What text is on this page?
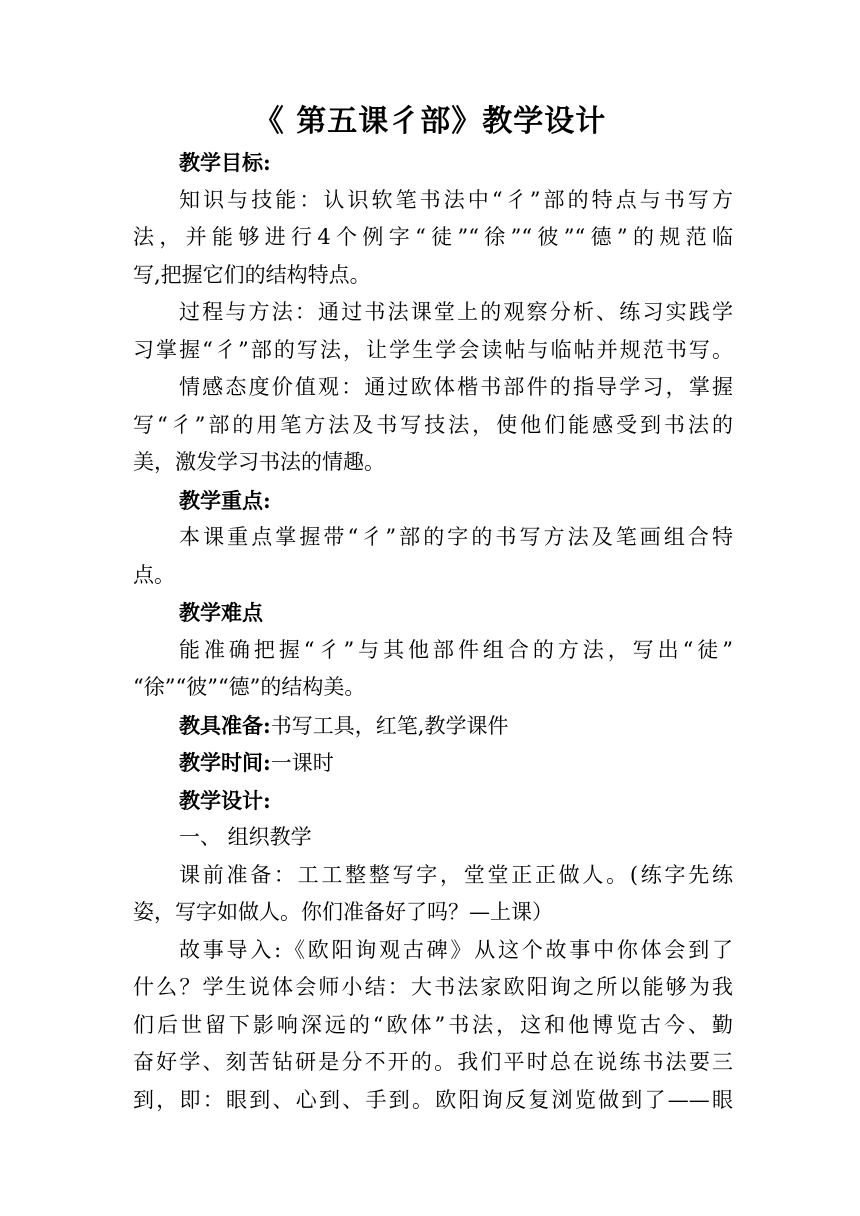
《 第五课彳部》教学设计
教学目标:
知识与技能：认识软笔书法中“彳”部的特点与书写方
法，并能够进行4个例字“徒”“徐”“彼”“德”的规范临
写,把握它们的结构特点。
过程与方法：通过书法课堂上的观察分析、练习实践学
习掌握“彳”部的写法，让学生学会读帖与临帖并规范书写。
情感态度价值观：通过欧体楷书部件的指导学习，掌握
写“彳”部的用笔方法及书写技法，使他们能感受到书法的
美，激发学习书法的情趣。
教学重点:
本课重点掌握带“彳”部的字的书写方法及笔画组合特
点。
教学难点
能准确把握“彳”与其他部件组合的方法，写出“徒”
“徐”“彼”“德”的结构美。
教具准备:书写工具，红笔,教学课件
教学时间:一课时
教学设计:
一、 组织教学
课前准备：工工整整写字，堂堂正正做人。(练字先练
姿，写字如做人。你们准备好了吗？—上课）
故事导入:《欧阳询观古碑》从这个故事中你体会到了
什么？学生说体会师小结：大书法家欧阳询之所以能够为我
们后世留下影响深远的“欧体”书法，这和他博览古今、勤
奋好学、刻苦钻研是分不开的。我们平时总在说练书法要三
到，即：眼到、心到、手到。欧阳询反复浏览做到了——眼
